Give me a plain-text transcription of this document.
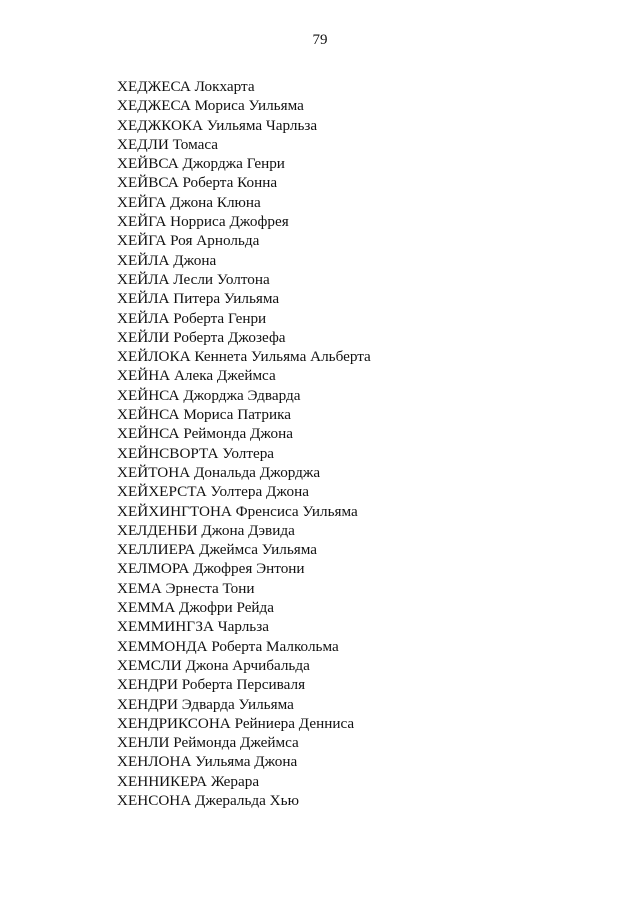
79
ХЕДЖЕСА Локхарта
ХЕДЖЕСА Мориса Уильяма
ХЕДЖКОКА Уильяма Чарльза
ХЕДЛИ Томаса
ХЕЙВСА Джорджа Генри
ХЕЙВСА Роберта Конна
ХЕЙГА Джона Клюна
ХЕЙГА Норриса Джофрея
ХЕЙГА Роя Арнольда
ХЕЙЛА Джона
ХЕЙЛА Лесли Уолтона
ХЕЙЛА Питера Уильяма
ХЕЙЛА Роберта Генри
ХЕЙЛИ Роберта Джозефа
ХЕЙЛОКА Кеннета Уильяма Альберта
ХЕЙНА Алека Джеймса
ХЕЙНСА Джорджа Эдварда
ХЕЙНСА Мориса Патрика
ХЕЙНСА Реймонда Джона
ХЕЙНСВОРТА Уолтера
ХЕЙТОНА Дональда Джорджа
ХЕЙХЕРСТА Уолтера Джона
ХЕЙХИНГТОНА Френсиса Уильяма
ХЕЛДЕНБИ Джона Дэвида
ХЕЛЛИЕРА Джеймса Уильяма
ХЕЛМОРА Джофрея Энтони
ХЕМА Эрнеста Тони
ХЕММА Джофри Рейда
ХЕММИНГЗА Чарльза
ХЕММОНДА Роберта Малкольма
ХЕМСЛИ Джона Арчибальда
ХЕНДРИ Роберта Персиваля
ХЕНДРИ Эдварда Уильяма
ХЕНДРИКСОНА Рейниера Денниса
ХЕНЛИ Реймонда Джеймса
ХЕНЛОНА Уильяма Джона
ХЕННИКЕРА Жерара
ХЕНСОНА Джеральда Хью
